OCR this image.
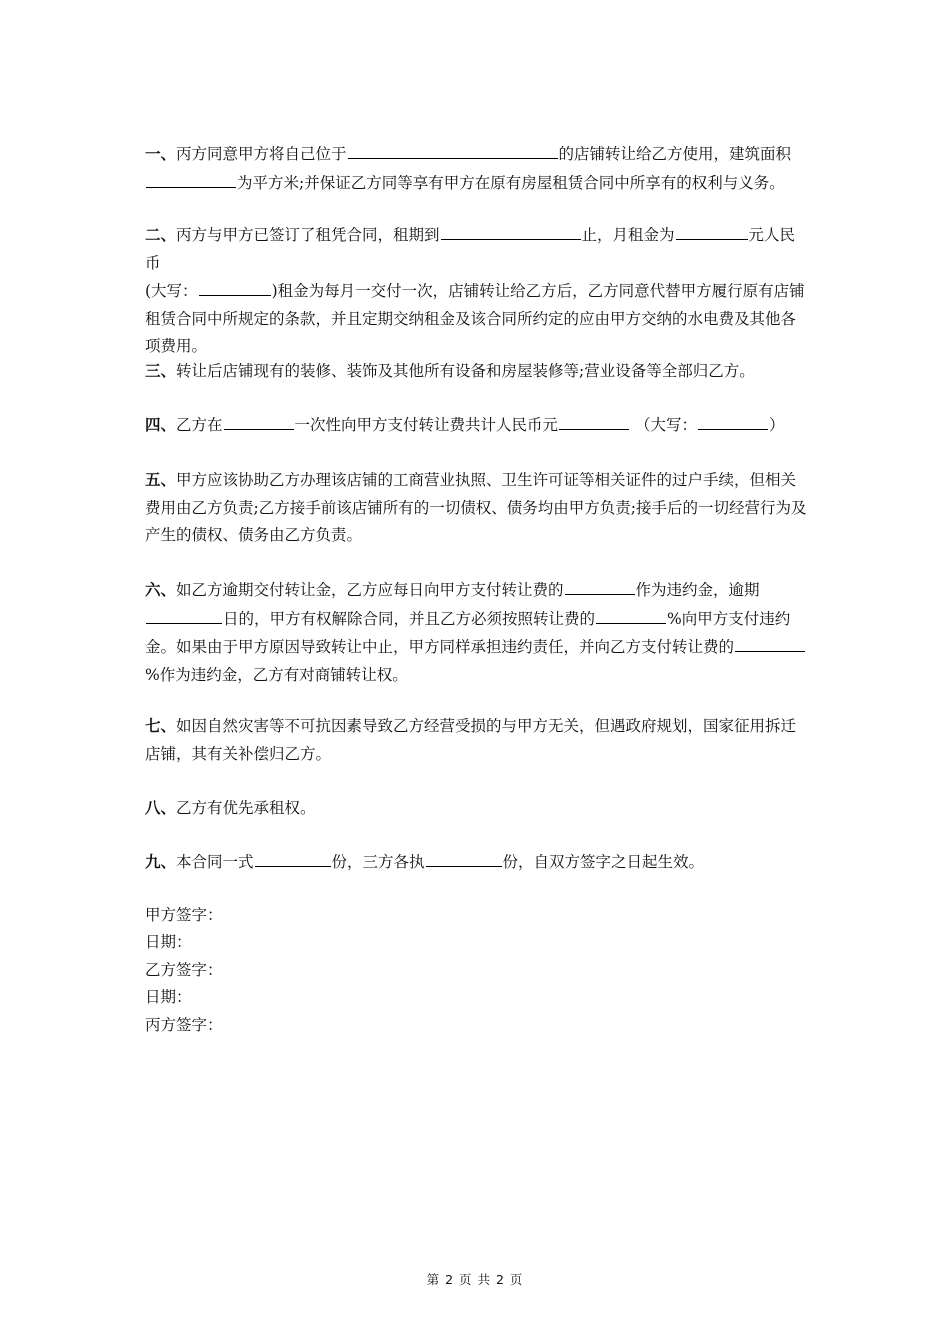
一、丙方同意甲方将自己位于	的店铺转让给乙方使用，建筑面积
为平方米;并保证乙方同等享有甲方在原有房屋租赁合同中所享有的权利与义务。

二、丙方与甲方已签订了租凭合同，租期到	止，月租金为	元人民币
(大写：	)租金为每月一交付一次，店铺转让给乙方后，乙方同意代替甲方履行原有店铺租赁合同中所规定的条款，并且定期交纳租金及该合同所约定的应由甲方交纳的水电费及其他各项费用。

三、转让后店铺现有的装修、装饰及其他所有设备和房屋装修等;营业设备等全部归乙方。

四、乙方在	一次性向甲方支付转让费共计人民币元	（大写：	）

五、甲方应该协助乙方办理该店铺的工商营业执照、卫生许可证等相关证件的过户手续，但相关费用由乙方负责;乙方接手前该店铺所有的一切债权、债务均由甲方负责;接手后的一切经营行为及产生的债权、债务由乙方负责。

六、如乙方逾期交付转让金，乙方应每日向甲方支付转让费的	作为违约金，逾期
日的，甲方有权解除合同，并且乙方必须按照转让费的	%向甲方支付违约金。如果由于甲方原因导致转让中止，甲方同样承担违约责任，并向乙方支付转让费的%作为违约金，乙方有对商铺转让权。

七、如因自然灾害等不可抗因素导致乙方经营受损的与甲方无关，但遇政府规划，国家征用拆迁店铺，其有关补偿归乙方。

八、乙方有优先承租权。

九、本合同一式	份，三方各执	份，自双方签字之日起生效。

甲方签字：

日期：

乙方签字：

日期：

丙方签字：

第 2 页 共 2 页
